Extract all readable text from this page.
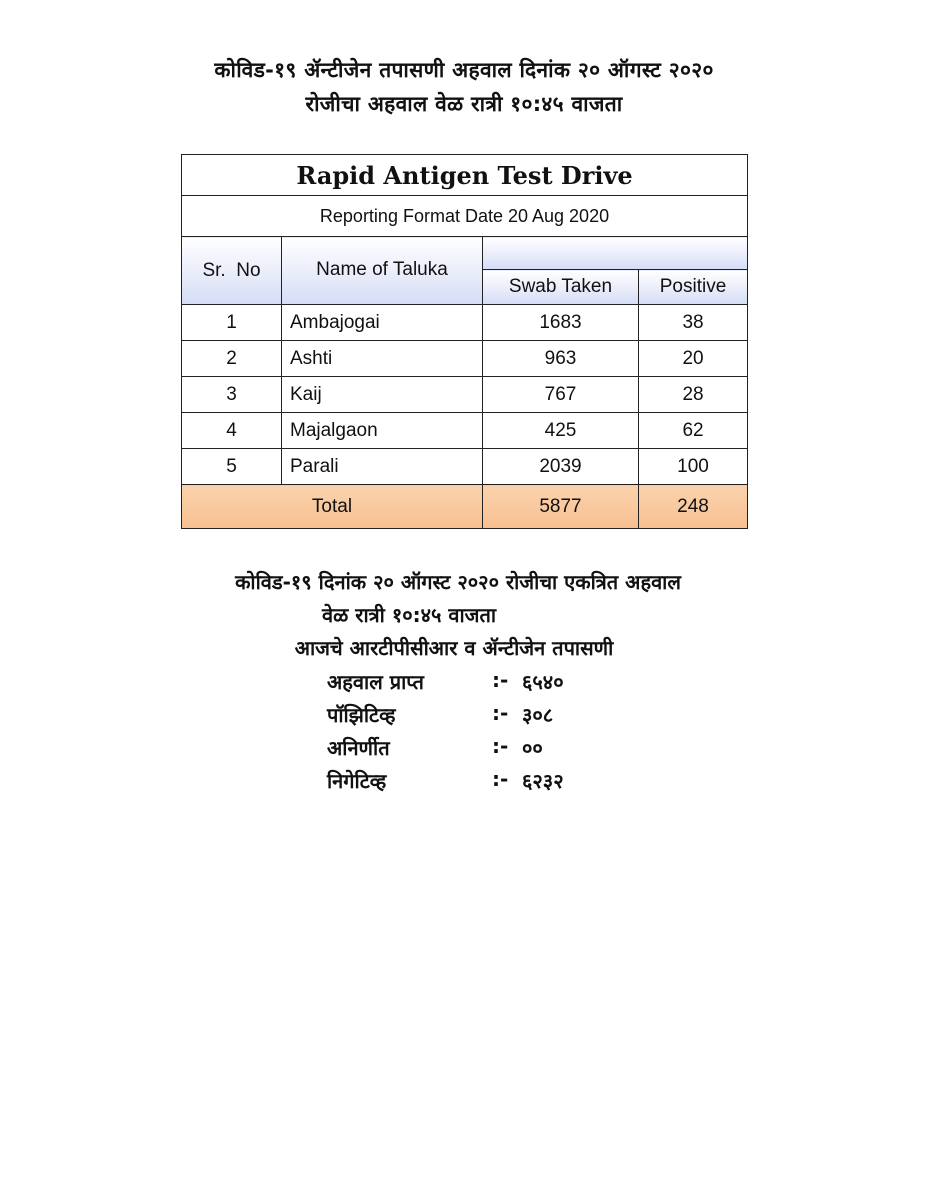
कोविड-१९ ॲन्टीजेन तपासणी अहवाल दिनांक २० ऑगस्ट २०२०
रोजीचा अहवाल वेळ रात्री १०:४५ वाजता
Rapid Antigen Test Drive			
Reporting Format Date 20 Aug 2020			
Sr.  No	Name of Taluka		
		Swab Taken	Positive
1	Ambajogai	1683	38
2	Ashti	963	20
3	Kaij	767	28
4	Majalgaon	425	62
5	Parali	2039	100
Total		5877	248
कोविड-१९ दिनांक २० ऑगस्ट २०२० रोजीचा एकत्रित अहवाल
वेळ रात्री १०:४५ वाजता
आजचे आरटीपीसीआर व ॲन्टीजेन तपासणी
अहवाल प्राप्त	:- ६५४०
पॉझिटिव्ह	:- ३०८
अनिर्णीत	:- ००
निगेटिव्ह	:- ६२३२
